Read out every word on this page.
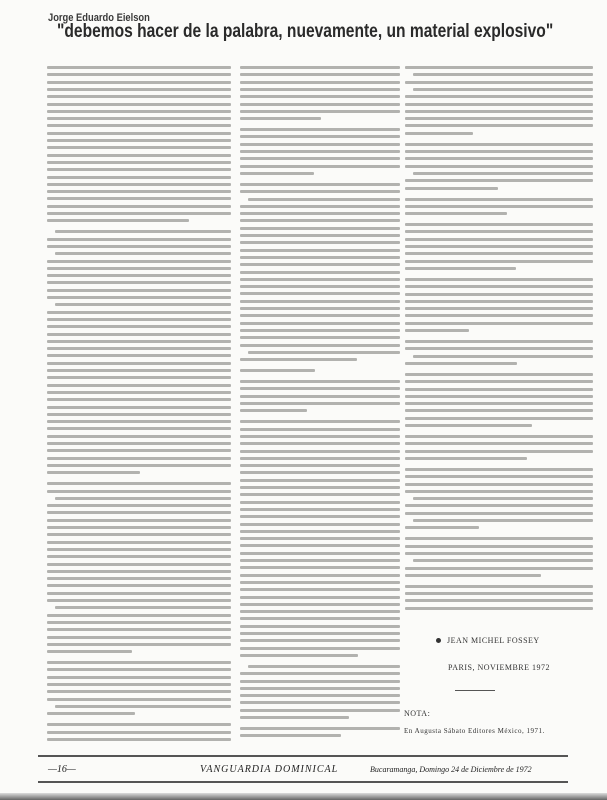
Jorge Eduardo Eielson
"debemos hacer de la palabra, nuevamente, un material explosivo"
JEAN MICHEL FOSSEY
PARIS, NOVIEMBRE 1972
NOTA:
En Augusta Sábato Editores México, 1971.
—16—	VANGUARDIA DOMINICAL	Bucaramanga, Domingo 24 de Diciembre de 1972
